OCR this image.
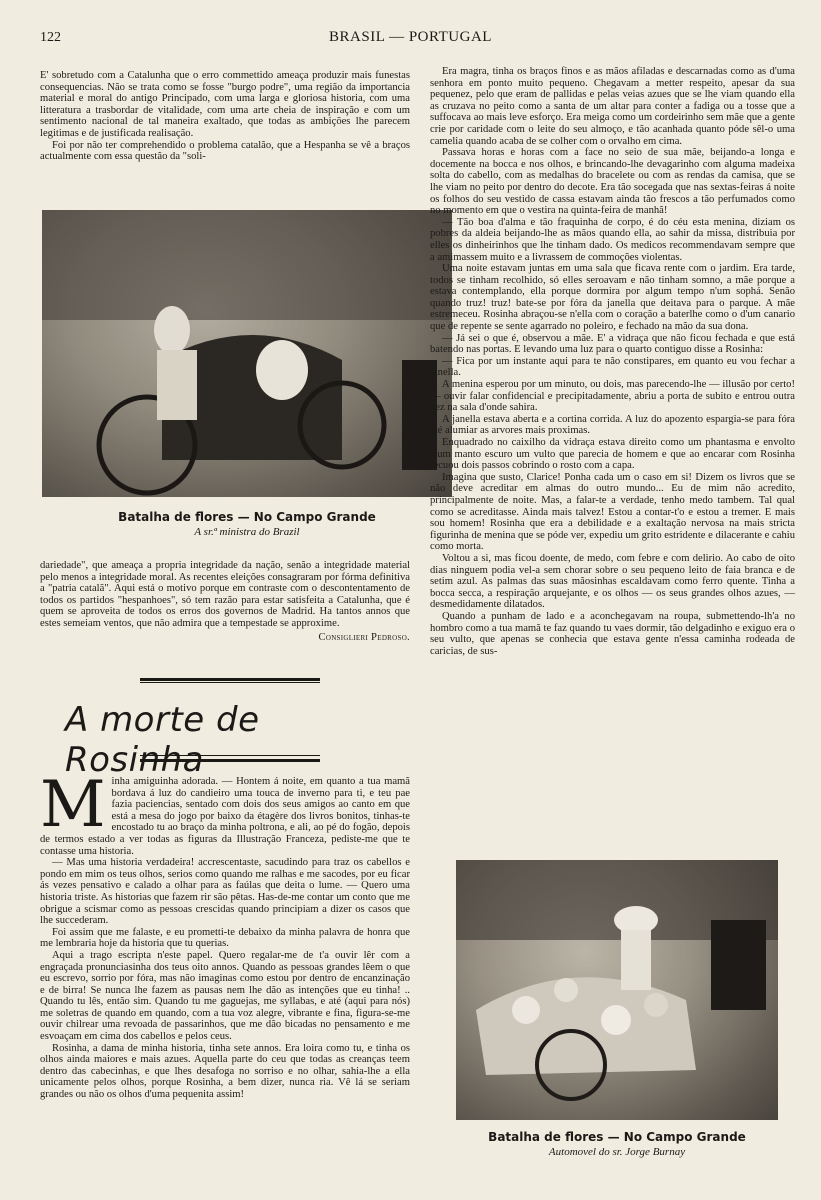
122	BRASIL — PORTUGAL

E' sobretudo com a Catalunha que o erro commettido ameaça produzir mais funestas consequencias. Não se trata como se fosse "burgo podre", uma região da importancia material e moral do antigo Principado, com uma larga e gloriosa historia, com uma litteratura a trasbordar de vitalidade, com uma arte cheia de inspiração e com um sentimento nacional de tal maneira exaltado, que todas as ambições lhe parecem legitimas e de justificada realisação.

Foi por não ter comprehendido o problema catalão, que a Hespanha se vê a braços actualmente com essa questão da "soli-

Batalha de flores — No Campo Grande
A sr.ª ministra do Brazil

dariedade", que ameaça a propria integridade da nação, senão a integridade material pelo menos a integridade moral. As recentes eleições consagraram por fórma definitiva a "patria catalã". Aqui está o motivo porque em contraste com o descontentamento de todos os partidos "hespanhoes", só tem razão para estar satisfeita a Catalunha, que é quem se aproveita de todos os erros dos governos de Madrid. Ha tantos annos que estes semeiam ventos, que não admira que a tempestade se approxime.

Consiglieri Pedroso.
A morte de Rosinha

Minha amiguinha adorada. — Hontem á noite, em quanto a tua mamã bordava á luz do candieiro uma touca de inverno para ti, e teu pae fazia paciencias, sentado com dois dos seus amigos ao canto em que está a mesa do jogo por baixo da étagère dos livros bonitos, tinhas-te encostado tu ao braço da minha poltrona, e ali, ao pé do fogão, depois de termos estado a ver todas as figuras da Illustração Franceza, pediste-me que te contasse uma historia.

— Mas uma historia verdadeira! accrescentaste, sacudindo para traz os cabellos e pondo em mim os teus olhos, serios como quando me ralhas e me sacodes, por eu ficar ás vezes pensativo e calado a olhar para as faúlas que deita o lume. — Quero uma historia triste. As historias que fazem rir são pêtas. Has-de-me contar um conto que me obrigue a scismar como as pessoas crescidas quando principiam a dizer os casos que lhe succederam.

Foi assim que me falaste, e eu prometti-te debaixo da minha palavra de honra que me lembraria hoje da historia que tu querias.

Aqui a trago escripta n'este papel. Quero regalar-me de t'a ouvir lêr com a engraçada pronunciasinha dos teus oito annos. Quando as pessoas grandes lêem o que eu escrevo, sorrio por fóra, mas não imaginas como estou por dentro de encanzinação e de birra! Se nunca lhe fazem as pausas nem lhe dão as intenções que eu tinha! .. Quando tu lês, então sim. Quando tu me gaguejas, me syllabas, e até (aqui para nós) me soletras de quando em quando, com a tua voz alegre, vibrante e fina, figura-se-me ouvir chilrear uma revoada de passarinhos, que me dão bicadas no pensamento e me esvoaçam em cima dos cabellos e pelos ceus.

Rosinha, a dama de minha historia, tinha sete annos. Era loira como tu, e tinha os olhos ainda maiores e mais azues. Aquella parte do ceu que todas as creanças teem dentro das cabecinhas, e que lhes desafoga no sorriso e no olhar, sahia-lhe a ella unicamente pelos olhos, porque Rosinha, a bem dizer, nunca ria. Vê lá se seriam grandes ou não os olhos d'uma pequenita assim!

Era magra, tinha os braços finos e as mãos afiladas e descarnadas como as d'uma senhora em ponto muito pequeno. Chegavam a metter respeito, apesar da sua pequenez, pelo que eram de pallidas e pelas veias azues que se lhe viam quando ella as cruzava no peito como a santa de um altar para conter a fadiga ou a tosse que a suffocava ao mais leve esforço. Era meiga como um cordeirinho sem mãe que a gente crie por caridade com o leite do seu almoço, e tão acanhada quanto póde sêl-o uma camelia quando acaba de se colher com o orvalho em cima.

Passava horas e horas com a face no seio de sua mãe, beijando-a longa e docemente na bocca e nos olhos, e brincando-lhe devagarinho com alguma madeixa solta do cabello, com as medalhas do bracelete ou com as rendas da camisa, que se lhe viam no peito por dentro do decote. Era tão socegada que nas sextas-feiras á noite os folhos do seu vestido de cassa estavam ainda tão frescos a tão perfumados como no momento em que o vestira na quinta-feira de manhã!

— Tão boa d'alma e tão fraquinha de corpo, é do céu esta menina, diziam os pobres da aldeia beijando-lhe as mãos quando ella, ao sahir da missa, distribuia por elles os dinheirinhos que lhe tinham dado. Os medicos recommendavam sempre que a amimassem muito e a livrassem de commoções violentas.

Uma noite estavam juntas em uma sala que ficava rente com o jardim. Era tarde, todos se tinham recolhido, só elles seroavam e não tinham somno, a mãe porque a estava contemplando, ella porque dormira por algum tempo n'um sophá. Senão quando truz! truz! bate-se por fóra da janella que deitava para o parque. A mãe estremeceu. Rosinha abraçou-se n'ella com o coração a baterlhe como o d'um canario que de repente se sente agarrado no poleiro, e fechado na mão da sua dona.

— Já sei o que é, observou a mãe. E' a vidraça que não ficou fechada e que está batendo nas portas. E levando uma luz para o quarto contiguo disse a Rosinha:

— Fica por um instante aqui para te não constipares, em quanto eu vou fechar a janella.

A menina esperou por um minuto, ou dois, mas parecendo-lhe — illusão por certo! — ouvir falar confidencial e precipitadamente, abriu a porta de subito e entrou outra vez na sala d'onde sahira.

A janella estava aberta e a cortina corrida. A luz do apozento espargia-se para fóra até alumiar as arvores mais proximas.

Enquadrado no caixilho da vidraça estava direito como um phantasma e envolto n'um manto escuro um vulto que parecia de homem e que ao encarar com Rosinha recuou dois passos cobrindo o rosto com a capa.

Imagina que susto, Clarice! Ponha cada um o caso em si! Dizem os livros que se não deve acreditar em almas do outro mundo... Eu de mim não acredito, principalmente de noite. Mas, a falar-te a verdade, tenho medo tambem. Tal qual como se acreditasse. Ainda mais talvez! Estou a contar-t'o e estou a tremer. E mais sou homem! Rosinha que era a debilidade e a exaltação nervosa na mais stricta figurinha de menina que se póde ver, expediu um grito estridente e dilacerante e cahiu como morta.

Voltou a si, mas ficou doente, de medo, com febre e com delirio. Ao cabo de oito dias ninguem podia vel-a sem chorar sobre o seu pequeno leito de faia branca e de setim azul. As palmas das suas mãosinhas escaldavam como ferro quente. Tinha a bocca secca, a respiração arquejante, e os olhos — os seus grandes olhos azues, — desmedidamente dilatados.

Quando a punham de lado e a aconchegavam na roupa, submettendo-lh'a no hombro como a tua mamã te faz quando tu vaes dormir, tão delgadinho e exiguo era o seu vulto, que apenas se conhecia que estava gente n'essa caminha rodeada de caricias, de sus-

Batalha de flores — No Campo Grande
Automovel do sr. Jorge Burnay
